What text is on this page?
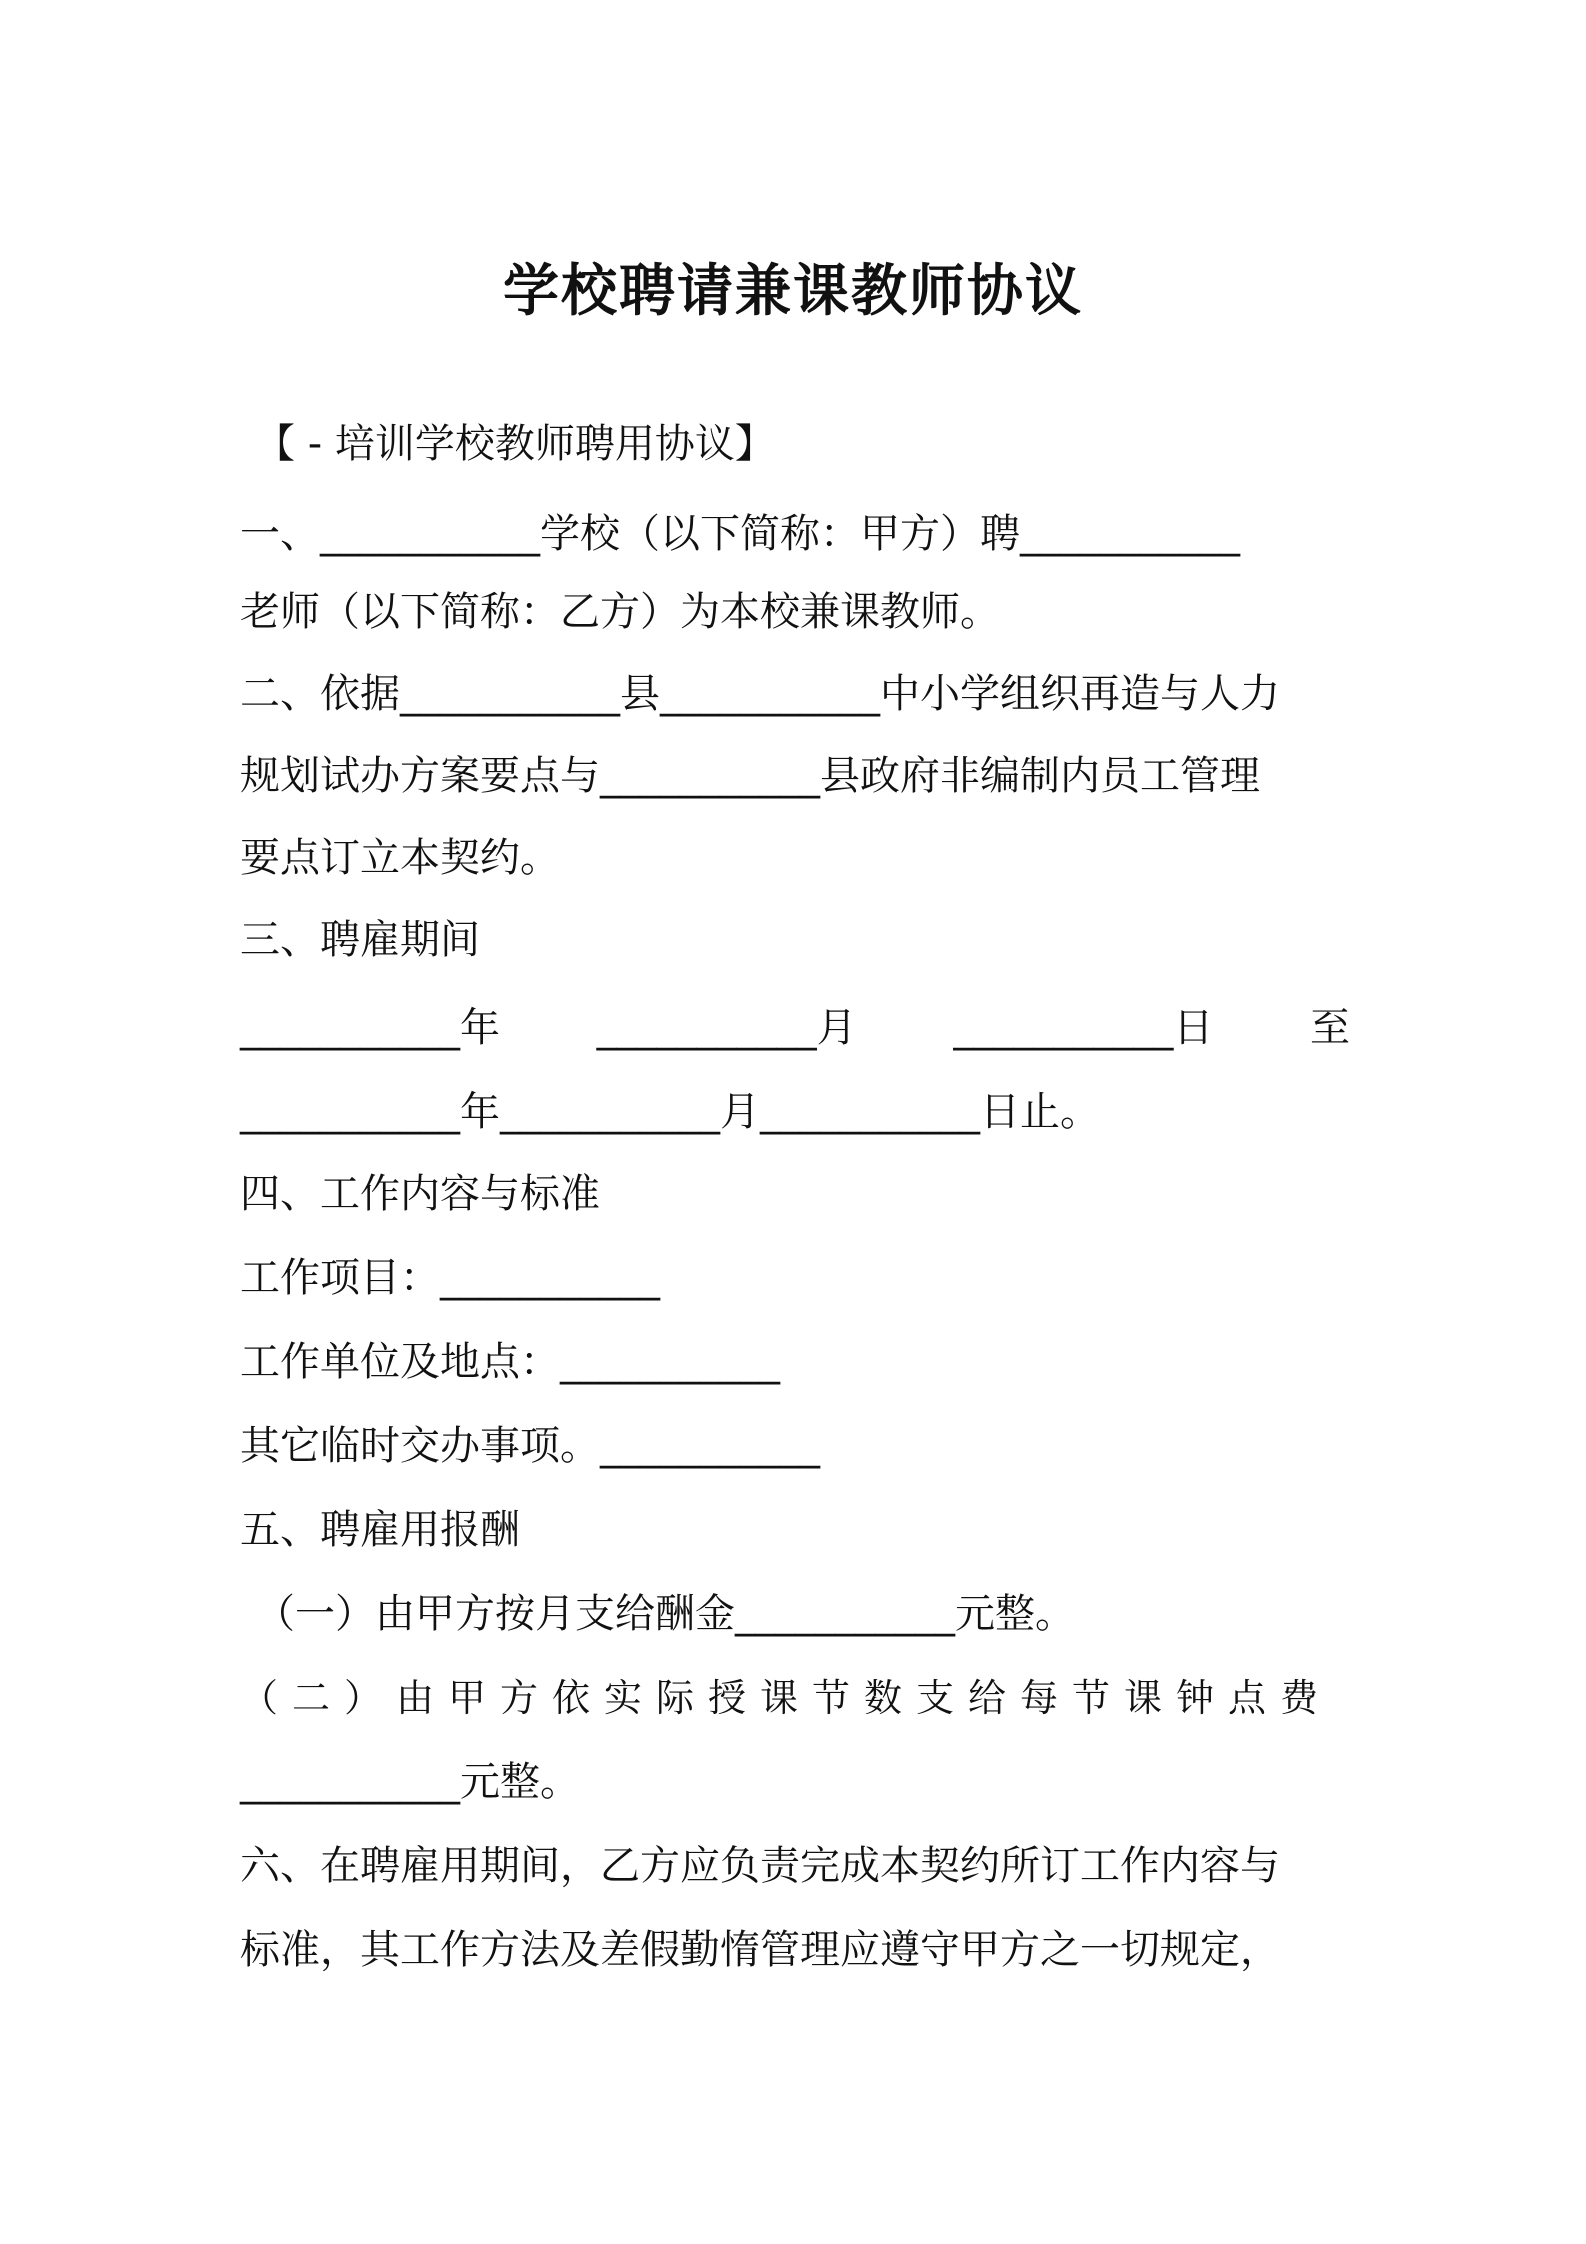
学校聘请兼课教师协议
【 - 培训学校教师聘用协议】
一、___________学校（以下简称：甲方）聘___________
老师（以下简称：乙方）为本校兼课教师。
二、依据___________县___________中小学组织再造与人力
规划试办方案要点与___________县政府非编制内员工管理
要点订立本契约。
三、聘雇期间
___________年 ___________月 ___________日 至
___________年___________月___________日止。
四、工作内容与标准
工作项目：___________
工作单位及地点：___________
其它临时交办事项。___________
五、聘雇用报酬
（一）由甲方按月支给酬金___________元整。
（二）由甲方依实际授课节数支给每节课钟点费
___________元整。
六、在聘雇用期间，乙方应负责完成本契约所订工作内容与
标准，其工作方法及差假勤惰管理应遵守甲方之一切规定，
